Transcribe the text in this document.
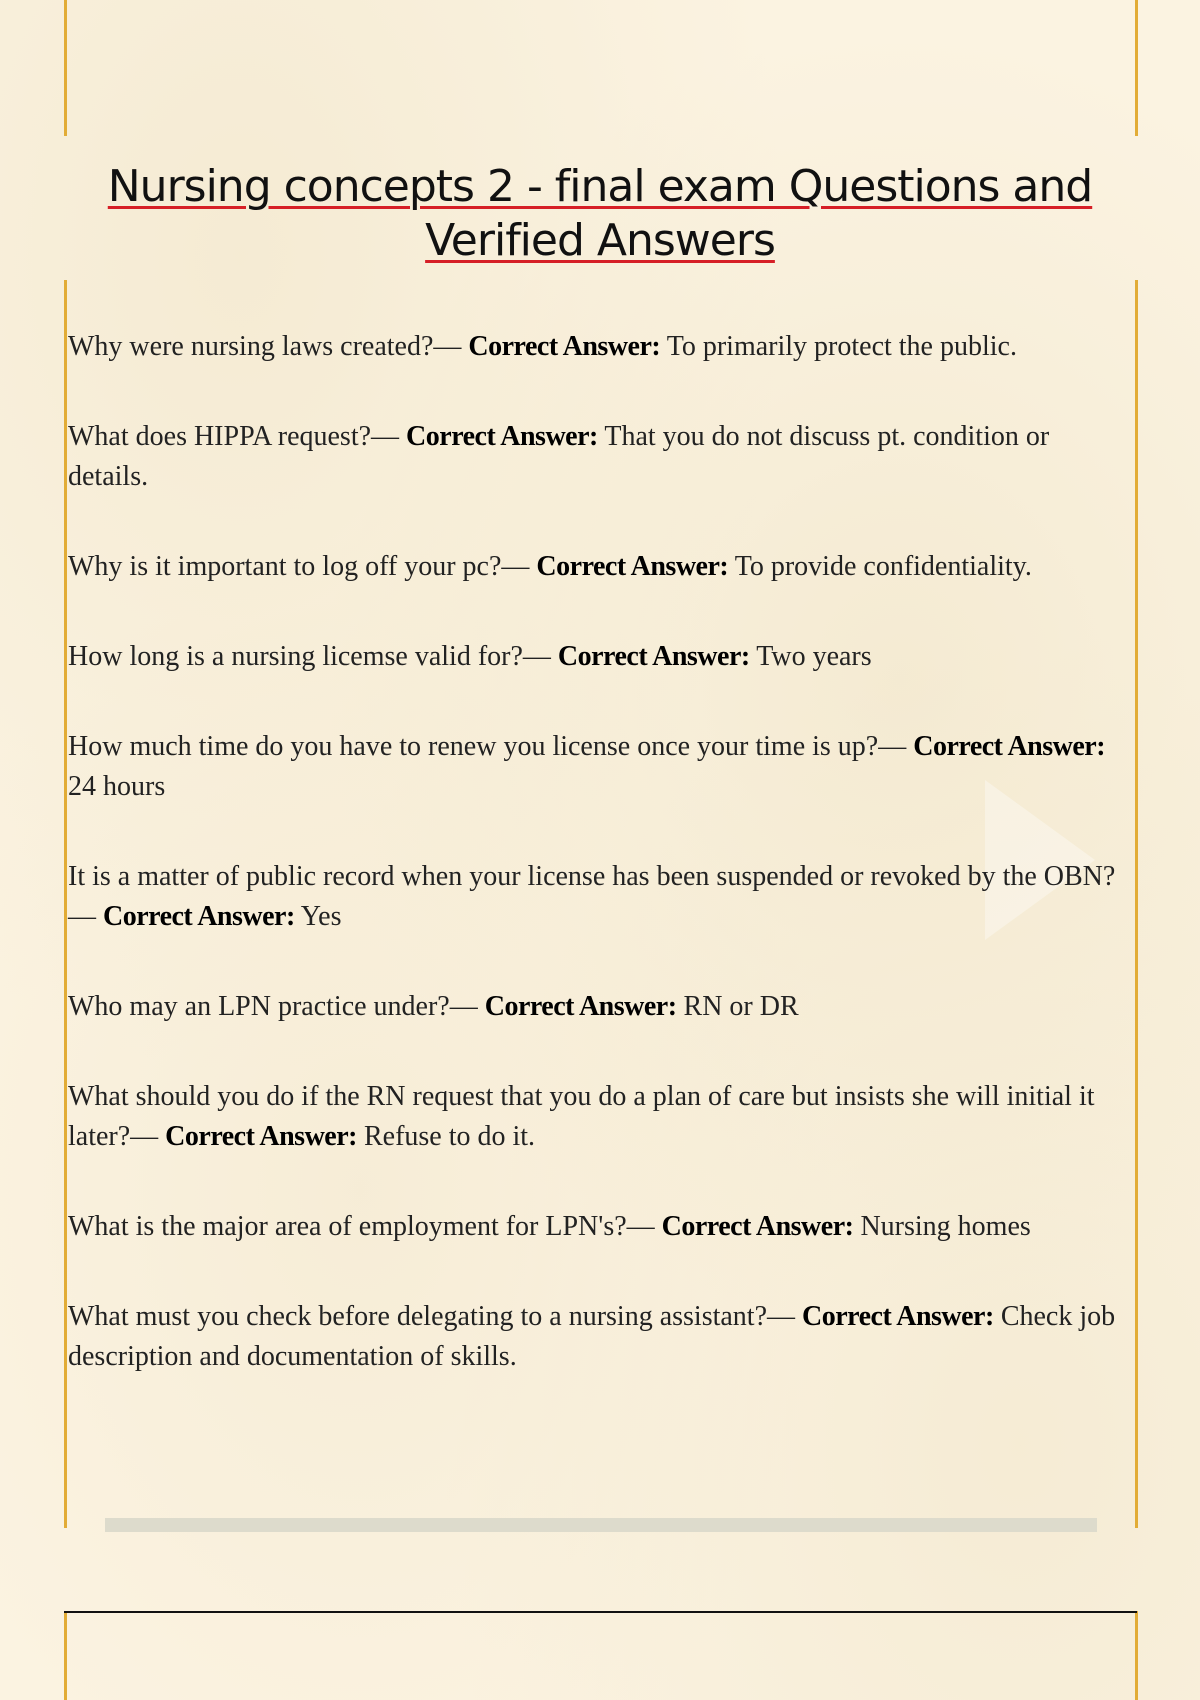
Nursing concepts 2 - final exam Questions and Verified Answers

Why were nursing laws created?— Correct Answer: To primarily protect the public.

What does HIPPA request?— Correct Answer: That you do not discuss pt. condition or details.

Why is it important to log off your pc?— Correct Answer: To provide confidentiality.

How long is a nursing licemse valid for?— Correct Answer: Two years

How much time do you have to renew you license once your time is up?— Correct Answer: 24 hours

It is a matter of public record when your license has been suspended or revoked by the OBN?— Correct Answer: Yes

Who may an LPN practice under?— Correct Answer: RN or DR

What should you do if the RN request that you do a plan of care but insists she will initial it later?— Correct Answer: Refuse to do it.

What is the major area of employment for LPN's?— Correct Answer: Nursing homes

What must you check before delegating to a nursing assistant?— Correct Answer: Check job description and documentation of skills.
